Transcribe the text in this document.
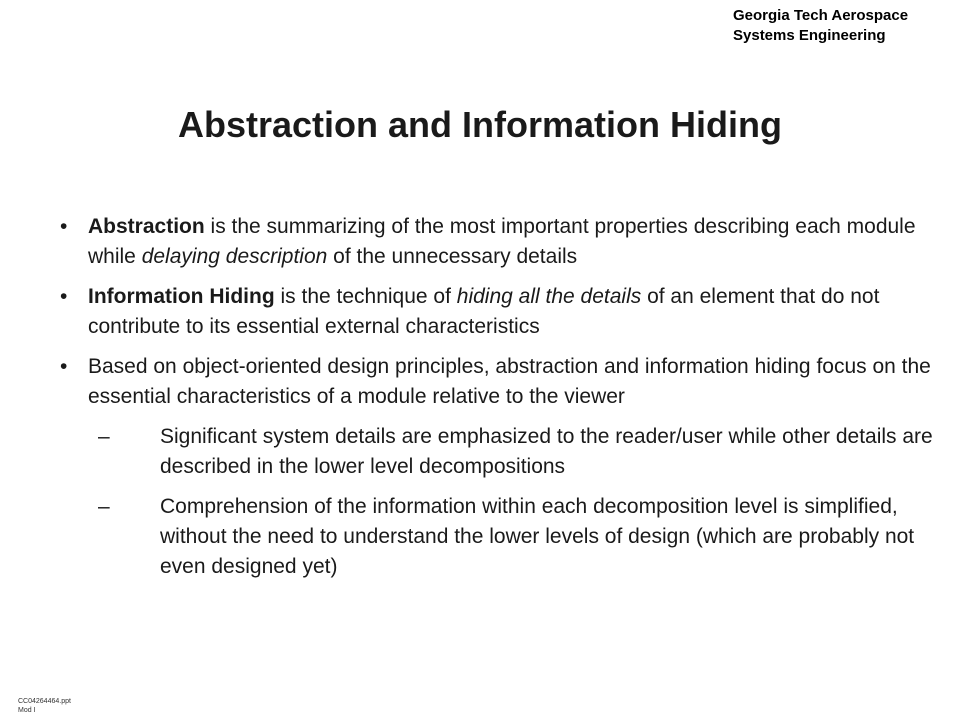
Georgia Tech Aerospace
Systems Engineering
Abstraction and Information Hiding
• Abstraction is the summarizing of the most important properties describing each module while delaying description of the unnecessary details
• Information Hiding is the technique of hiding all the details of an element that do not contribute to its essential external characteristics
• Based on object-oriented design principles, abstraction and information hiding focus on the essential characteristics of a module relative to the viewer
– Significant system details are emphasized to the reader/user while other details are described in the lower level decompositions
– Comprehension of the information within each decomposition level is simplified, without the need to understand the lower levels of design (which are probably not even designed yet)
CC04264464.ppt
Mod I
